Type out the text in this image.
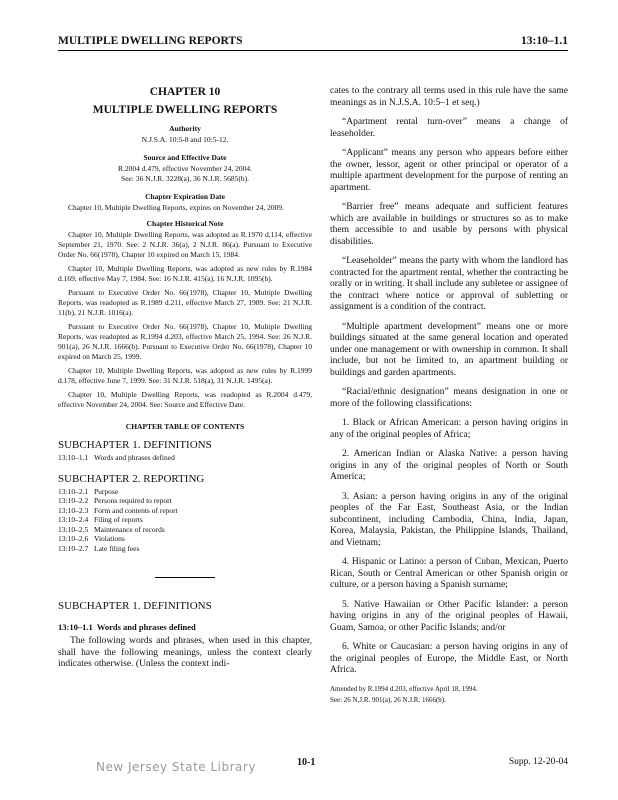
MULTIPLE DWELLING REPORTS	13:10–1.1

CHAPTER 10

MULTIPLE DWELLING REPORTS

Authority

N.J.S.A. 10:5-8 and 10:5-12.

Source and Effective Date

R.2004 d.479, effective November 24, 2004.

See: 36 N.J.R. 3228(a), 36 N.J.R. 5685(b).

Chapter Expiration Date

Chapter 10, Multiple Dwelling Reports, expires on November 24, 2009.

Chapter Historical Note

Chapter 10, Multiple Dwelling Reports, was adopted as R.1970 d.114, effective September 21, 1970. See: 2 N.J.R. 36(a), 2 N.J.R. 86(a). Pursuant to Executive Order No. 66(1978), Chapter 10 expired on March 15, 1984.

Chapter 10, Multiple Dwelling Reports, was adopted as new rules by R.1984 d.169, effective May 7, 1984. See: 16 N.J.R. 415(a), 16 N.J.R. 1095(b).

Pursuant to Executive Order No. 66(1978), Chapter 10, Multiple Dwelling Reports, was readopted as R.1989 d.211, effective March 27, 1989. See: 21 N.J.R. 11(b), 21 N.J.R. 1016(a).

Pursuant to Executive Order No. 66(1978), Chapter 10, Multiple Dwelling Reports, was readopted as R.1994 d.203, effective March 25, 1994. See: 26 N.J.R. 901(a), 26 N.J.R. 1666(b). Pursuant to Executive Order No. 66(1978), Chapter 10 expired on March 25, 1999.

Chapter 10, Multiple Dwelling Reports, was adopted as new rules by R.1999 d.178, effective June 7, 1999. See: 31 N.J.R. 518(a), 31 N.J.R. 1495(a).

Chapter 10, Multiple Dwelling Reports, was readopted as R.2004 d.479, effective November 24, 2004. See: Source and Effective Date.

CHAPTER TABLE OF CONTENTS

SUBCHAPTER 1. DEFINITIONS

13:10–1.1 Words and phrases defined

SUBCHAPTER 2. REPORTING

13:10–2.1 Purpose
13:10–2.2 Persons required to report
13:10–2.3 Form and contents of report
13:10–2.4 Filing of reports
13:10–2.5 Maintenance of records
13:10–2.6 Violations
13:10–2.7 Late filing fees

SUBCHAPTER 1. DEFINITIONS

13:10–1.1 Words and phrases defined

The following words and phrases, when used in this chapter, shall have the following meanings, unless the context clearly indicates otherwise. (Unless the context indi-

cates to the contrary all terms used in this rule have the same meanings as in N.J.S.A. 10:5–1 et seq.)

“Apartment rental turn-over” means a change of leaseholder.

“Applicant” means any person who appears before either the owner, lessor, agent or other principal or operator of a multiple apartment development for the purpose of renting an apartment.

“Barrier free” means adequate and sufficient features which are available in buildings or structures so as to make them accessible to and usable by persons with physical disabilities.

“Leaseholder” means the party with whom the landlord has contracted for the apartment rental, whether the contracting be orally or in writing. It shall include any subletee or assignee of the contract where notice or approval of subletting or assignment is a condition of the contract.

“Multiple apartment development” means one or more buildings situated at the same general location and operated under one management or with ownership in common. It shall include, but not be limited to, an apartment building or buildings and garden apartments.

“Racial/ethnic designation” means designation in one or more of the following classifications:

1. Black or African American: a person having origins in any of the original peoples of Africa;

2. American Indian or Alaska Native: a person having origins in any of the original peoples of North or South America;

3. Asian: a person having origins in any of the original peoples of the Far East, Southeast Asia, or the Indian subcontinent, including Cambodia, China, India, Japan, Korea, Malaysia, Pakistan, the Philippine Islands, Thailand, and Vietnam;

4. Hispanic or Latino: a person of Cuban, Mexican, Puerto Rican, South or Central American or other Spanish origin or culture, or a person having a Spanish surname;

5. Native Hawaiian or Other Pacific Islander: a person having origins in any of the original peoples of Hawaii, Guam, Samoa, or other Pacific Islands; and/or

6. White or Caucasian: a person having origins in any of the original peoples of Europe, the Middle East, or North Africa.

Amended by R.1994 d.203, effective April 18, 1994.

See: 26 N.J.R. 901(a), 26 N.J.R. 1666(b).

New Jersey State Library	10-1	Supp. 12-20-04
